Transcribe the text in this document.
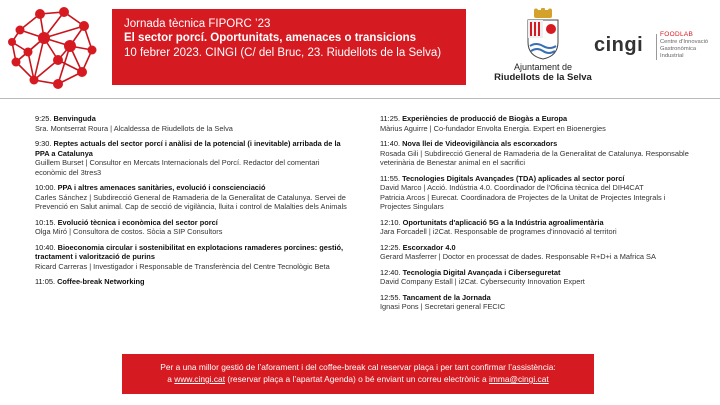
Jornada tècnica FIPORC ’23
El sector porcí. Oportunitats, amenaces o transicions
10 febrer 2023. CINGI (C/ del Bruc, 23. Riudellots de la Selva)
Ajuntament de
Riudellots de la Selva
cingi	FOODLAB
Centre d'Innovació Gastronòmica Industrial
9:25. Benvinguda
Sra. Montserrat Roura | Alcaldessa de Riudellots de la Selva
9:30. Reptes actuals del sector porcí i anàlisi de la potencial (i inevitable) arribada de la PPA a Catalunya
Guillem Burset | Consultor en Mercats Internacionals del Porcí. Redactor del comentari econòmic del 3tres3
10:00. PPA i altres amenaces sanitàries, evolució i consciencia​ció
Carles Sánchez | Subdirecció General de Ramaderia de la Generalitat de Catalunya. Servei de Prevenció en Salut animal. Cap de secció de vigilància, lluita i control de Malalties dels Animals
10:15. Evolució tècnica i econòmica del sector porcí
Olga Miró | Consultora de costos. Sòcia a SIP Consultors
10:40. Bioeconomia circular i sostenibilitat en explotacions ramaderes porcines: gestió, tractament i valorització de purins
Ricard Carreras | Investigador i Responsable de Transferència del Centre Tecnològic Beta
11:05. Coffee-break Networking
11:25. Experiències de producció de Biogàs a Europa
Màrius Aguirre | Co-fundador Envolta Energia. Expert en Bioenergies
11:40. Nova llei de Videovigilància als escorxadors
Rosada Gili | Subdirecció General de Ramaderia de la Generalitat de Catalunya. Responsable veterinària de Benestar animal en el sacrifici
11:55. Tecnologies Digitals Avançades (TDA) aplicades al sector porcí
David Marco | Acció. Indústria 4.0. Coordinador de l'Oficina tècnica del DIH4CAT
Patricia Arcos | Eurecat. Coordinadora de Projectes de la Unitat de Projectes Integrals i Projectes Singulars
12:10. Oportunitats d'aplicació 5G a la Indústria agroalimentària
Jara Forcadell | i2Cat. Responsable de programes d'innovació al territori
12:25. Escorxador 4.0
Gerard Masferrer | Doctor en processat de dades. Responsable R+D+i a Mafrica SA
12:40. Tecnologia Digital Avançada i Ciberseguretat
David Company Estall | i2Cat. Cybersecurity Innovation Expert
12:55. Tancament de la Jornada
Ignasi Pons | Secretari general FECIC
Per a una millor gestió de l’aforament i del coffee-break cal reservar plaça i per tant confirmar l’assistència:
a www.cingi.cat (reservar plaça a l’apartat Agenda) o bé enviant un correu electrònic a imma@cingi.cat
